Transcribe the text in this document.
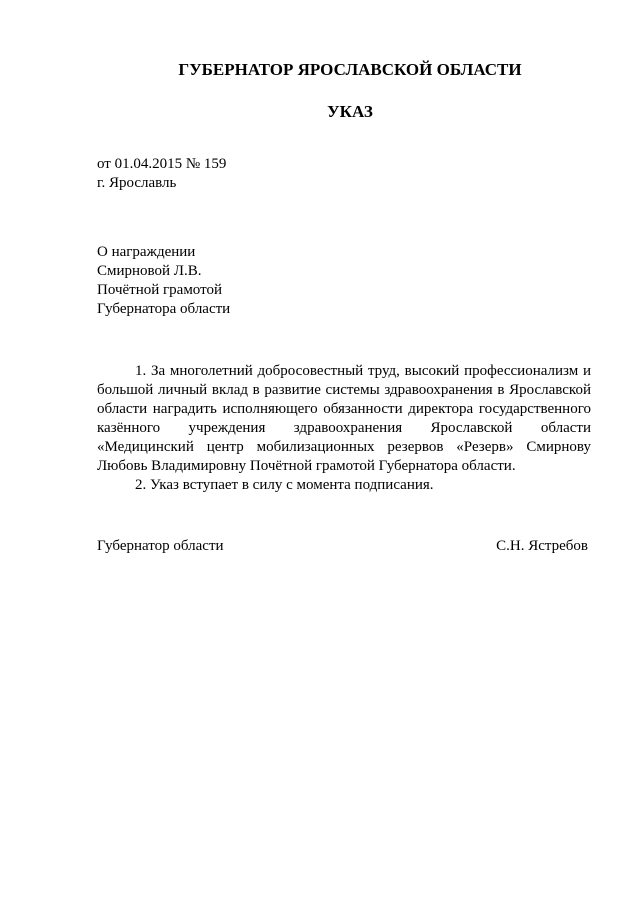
ГУБЕРНАТОР ЯРОСЛАВСКОЙ ОБЛАСТИ
УКАЗ
от 01.04.2015 № 159
г. Ярославль
О награждении
Смирновой Л.В.
Почётной грамотой
Губернатора области

1. За многолетний добросовестный труд, высокий профессионализм и большой личный вклад в развитие системы здравоохранения в Ярославской области наградить исполняющего обязанности директора государственного казённого учреждения здравоохранения Ярославской области «Медицинский центр мобилизационных резервов «Резерв» Смирнову Любовь Владимировну Почётной грамотой Губернатора области.

2. Указ вступает в силу с момента подписания.

Губернатор области	С.Н. Ястребов
